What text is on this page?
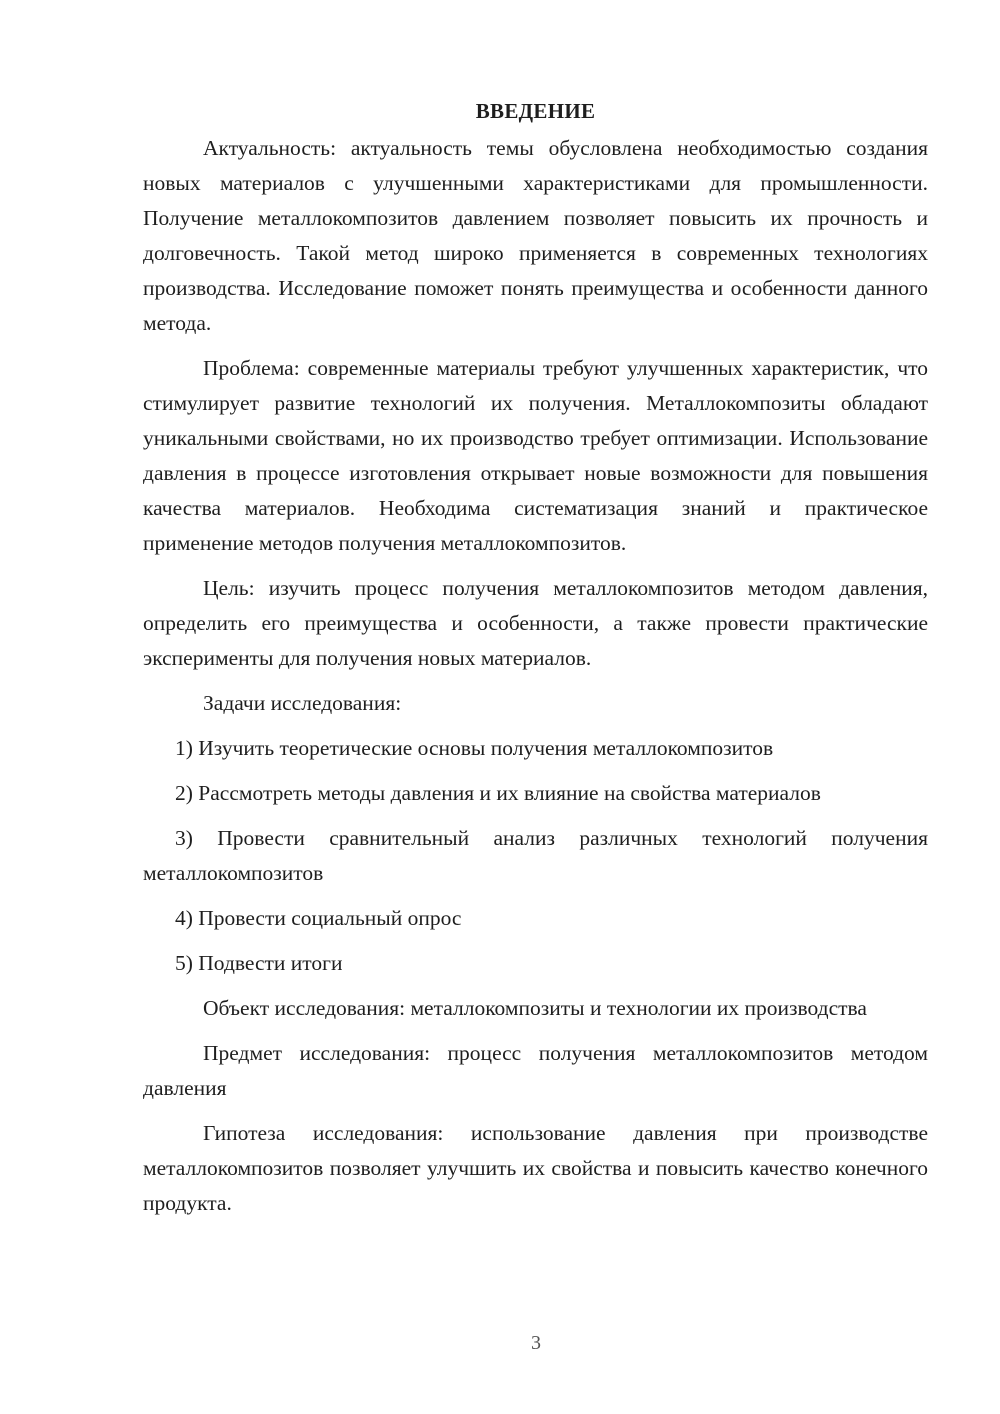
ВВЕДЕНИЕ

Актуальность: актуальность темы обусловлена необходимостью создания новых материалов с улучшенными характеристиками для промышленности. Получение металлокомпозитов давлением позволяет повысить их прочность и долговечность. Такой метод широко применяется в современных технологиях производства. Исследование поможет понять преимущества и особенности данного метода.

Проблема: современные материалы требуют улучшенных характеристик, что стимулирует развитие технологий их получения. Металлокомпозиты обладают уникальными свойствами, но их производство требует оптимизации. Использование давления в процессе изготовления открывает новые возможности для повышения качества материалов. Необходима систематизация знаний и практическое применение методов получения металлокомпозитов.

Цель: изучить процесс получения металлокомпозитов методом давления, определить его преимущества и особенности, а также провести практические эксперименты для получения новых материалов.

Задачи исследования:

1) Изучить теоретические основы получения металлокомпозитов

2) Рассмотреть методы давления и их влияние на свойства материалов

3) Провести сравнительный анализ различных технологий получения металлокомпозитов

4) Провести социальный опрос

5) Подвести итоги

Объект исследования: металлокомпозиты и технологии их производства

Предмет исследования: процесс получения металлокомпозитов методом давления

Гипотеза исследования: использование давления при производстве металлокомпозитов позволяет улучшить их свойства и повысить качество конечного продукта.

3
